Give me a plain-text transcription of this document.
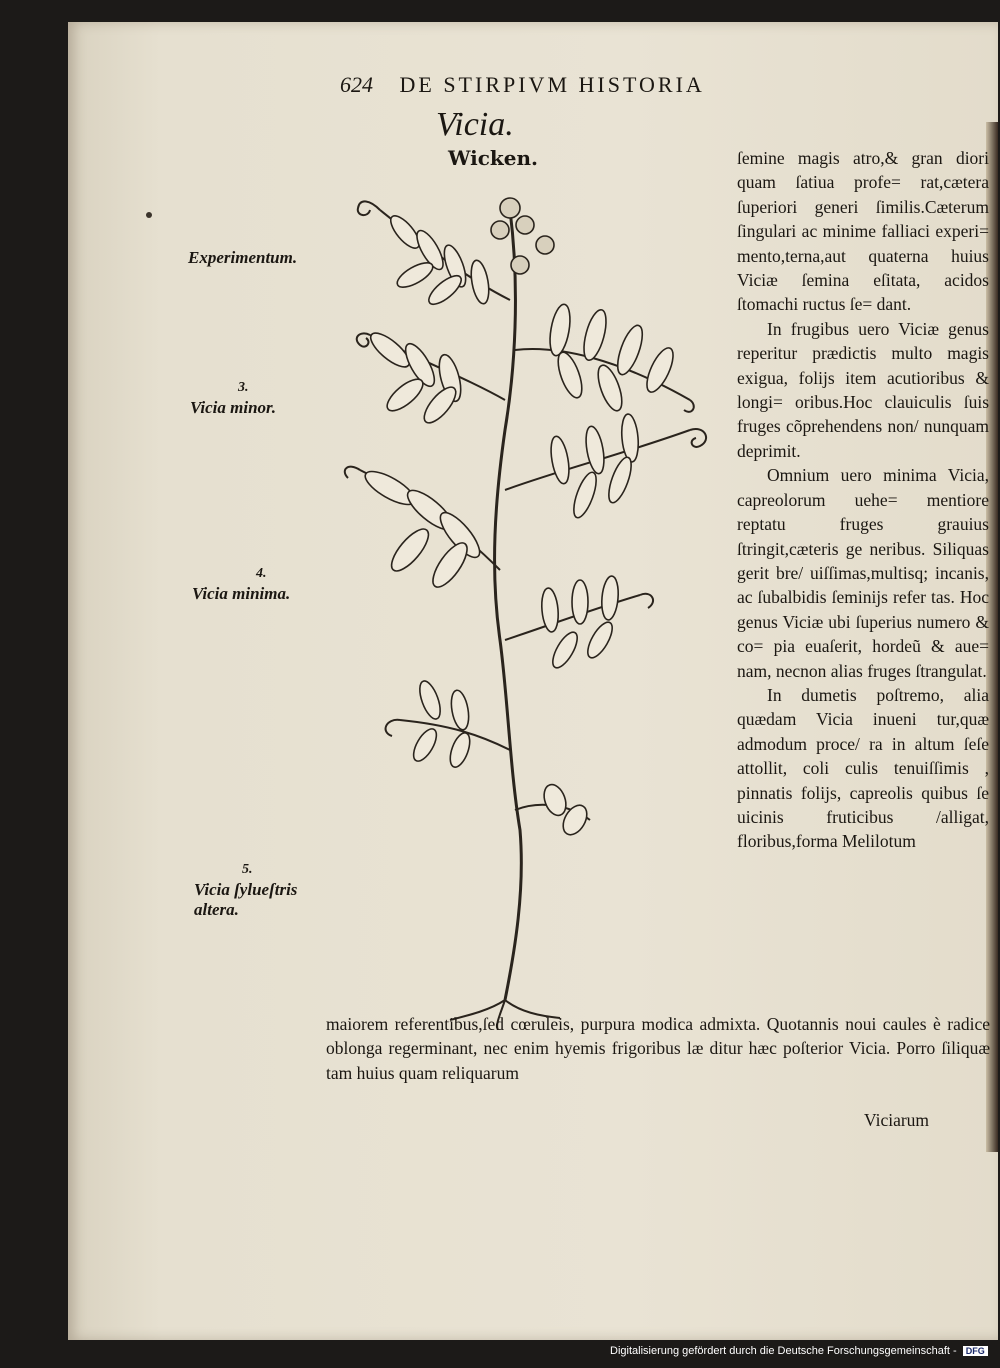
624 DE STIRPIVM HISTORIA
Vicia.
Wicken.
Experimentum.
3.
Vicia minor.
4.
Vicia minima.
5.
Vicia ſylueſtris altera.

ſemine magis atro,& gran diori quam ſatiua profe= rat,cætera ſuperiori generi ſimilis.Cæterum ſingulari ac minime falliaci experi= mento,terna,aut quaterna huius Viciæ ſemina eſitata, acidos ſtomachi ructus ſe= dant.

In frugibus uero Viciæ genus reperitur prædictis multo magis exigua, folijs item acutioribus & longi= oribus.Hoc clauiculis ſuis fruges cõprehendens non/ nunquam deprimit.

Omnium uero minima Vicia, capreolorum uehe= mentiore reptatu fruges grauius ſtringit,cæteris ge neribus. Siliquas gerit bre/ uiſſimas,multisq; incanis, ac ſubalbidis ſeminijs refer tas. Hoc genus Viciæ ubi ſuperius numero & co= pia euaſerit, hordeũ & aue= nam, necnon alias fruges ſtrangulat.

In dumetis poſtremo, alia quædam Vicia inueni tur,quæ admodum proce/ ra in altum ſeſe attollit, coli culis tenuiſſimis , pinnatis folijs, capreolis quibus ſe uicinis fruticibus /alligat, floribus,forma Melilotum

maiorem referentibus,ſed cœruleis, purpura modica admixta. Quotannis noui caules è radice oblonga regerminant, nec enim hyemis frigoribus læ ditur hæc poſterior Vicia. Porro ſiliquæ tam huius quam reliquarum
Viciarum
Digitalisierung gefördert durch die Deutsche Forschungsgemeinschaft - DFG
